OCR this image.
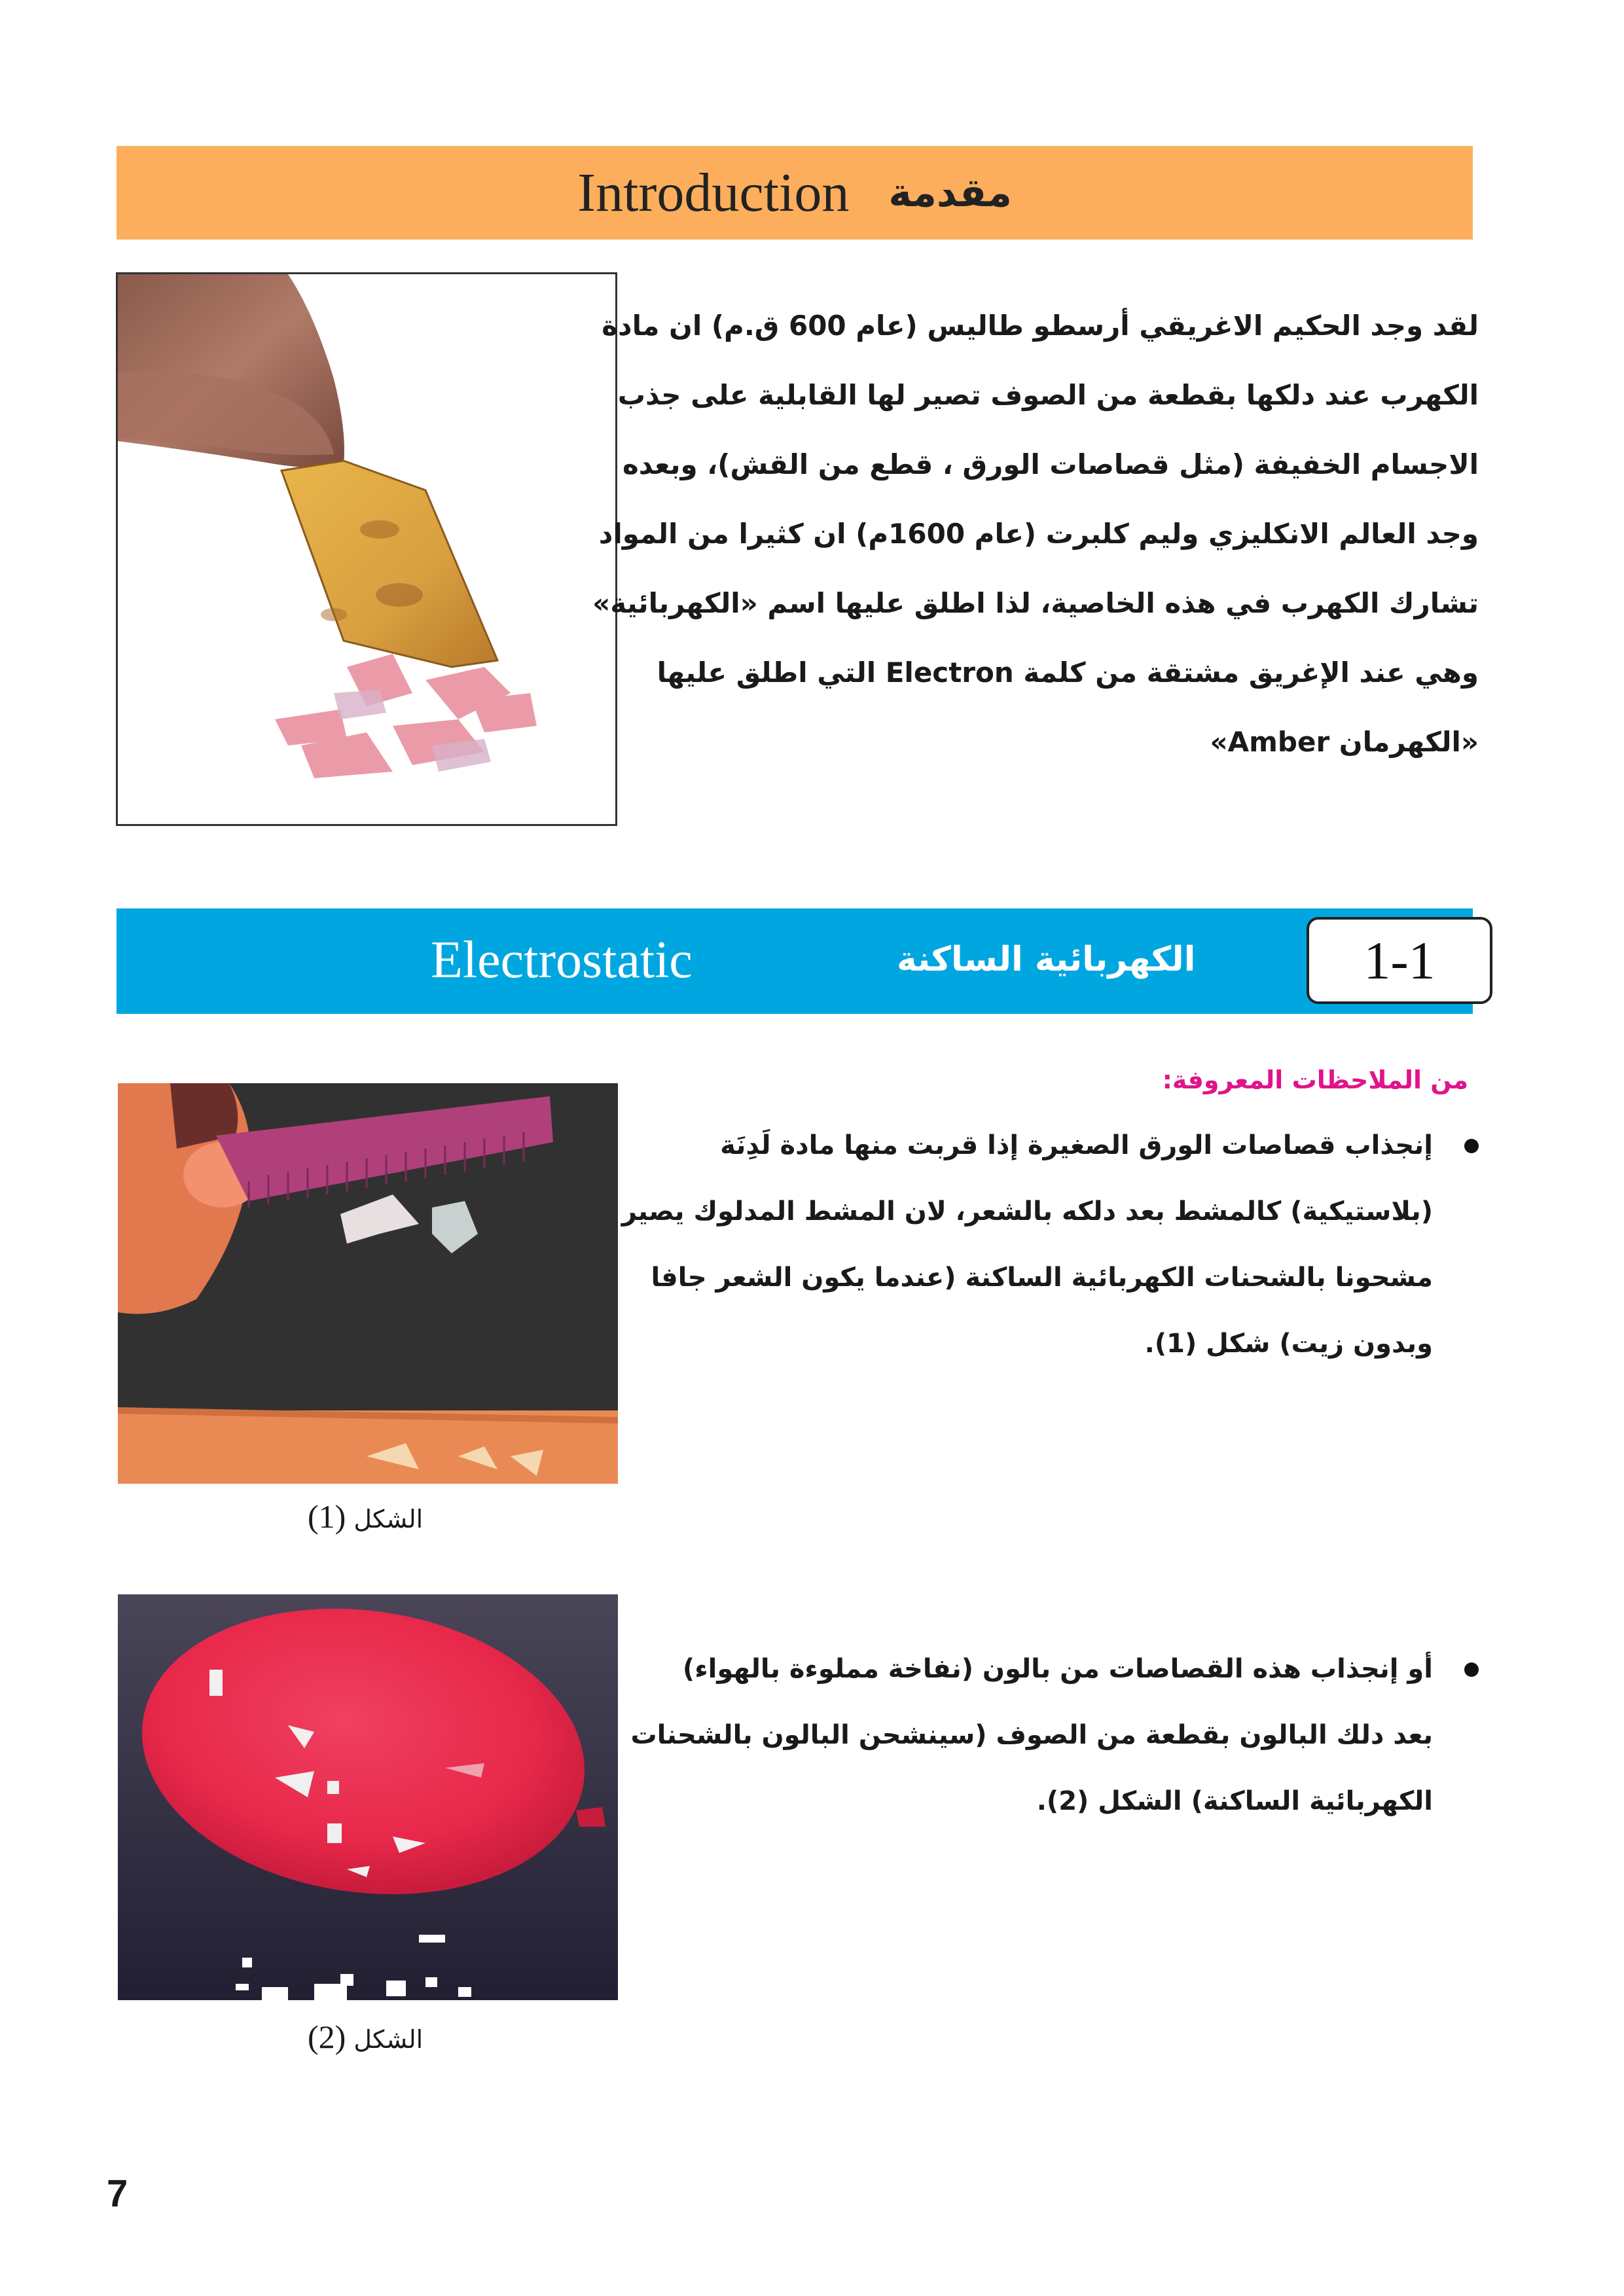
Introduction مقدمة
لقد وجد الحكيم الاغريقي أرسطو طاليس (عام 600 ق.م) ان مادة
الكهرب عند دلكها بقطعة من الصوف تصير لها القابلية على جذب
الاجسام الخفيفة (مثل قصاصات الورق ، قطع من القش)، وبعده
وجد العالم الانكليزي وليم كلبرت (عام 1600م) ان كثيرا من المواد
تشارك الكهرب في هذه الخاصية، لذا اطلق عليها اسم «الكهربائية»
وهي عند الإغريق مشتقة من كلمة Electron التي اطلق عليها
«الكهرمان Amber»
Electrostatic	الكهربائية الساكنة	1-1
من الملاحظات المعروفة:
إنجذاب قصاصات الورق الصغيرة إذا قربت منها مادة لَدِنَة
(بلاستيكية) كالمشط بعد دلكه بالشعر، لان المشط المدلوك يصير
مشحونا بالشحنات الكهربائية الساكنة (عندما يكون الشعر جافا
وبدون زيت) شكل (1).
الشكل (1)
أو إنجذاب هذه القصاصات من بالون (نفاخة مملوءة بالهواء)
بعد دلك البالون بقطعة من الصوف (سينشحن البالون بالشحنات
الكهربائية الساكنة) الشكل (2).
الشكل (2)
7
